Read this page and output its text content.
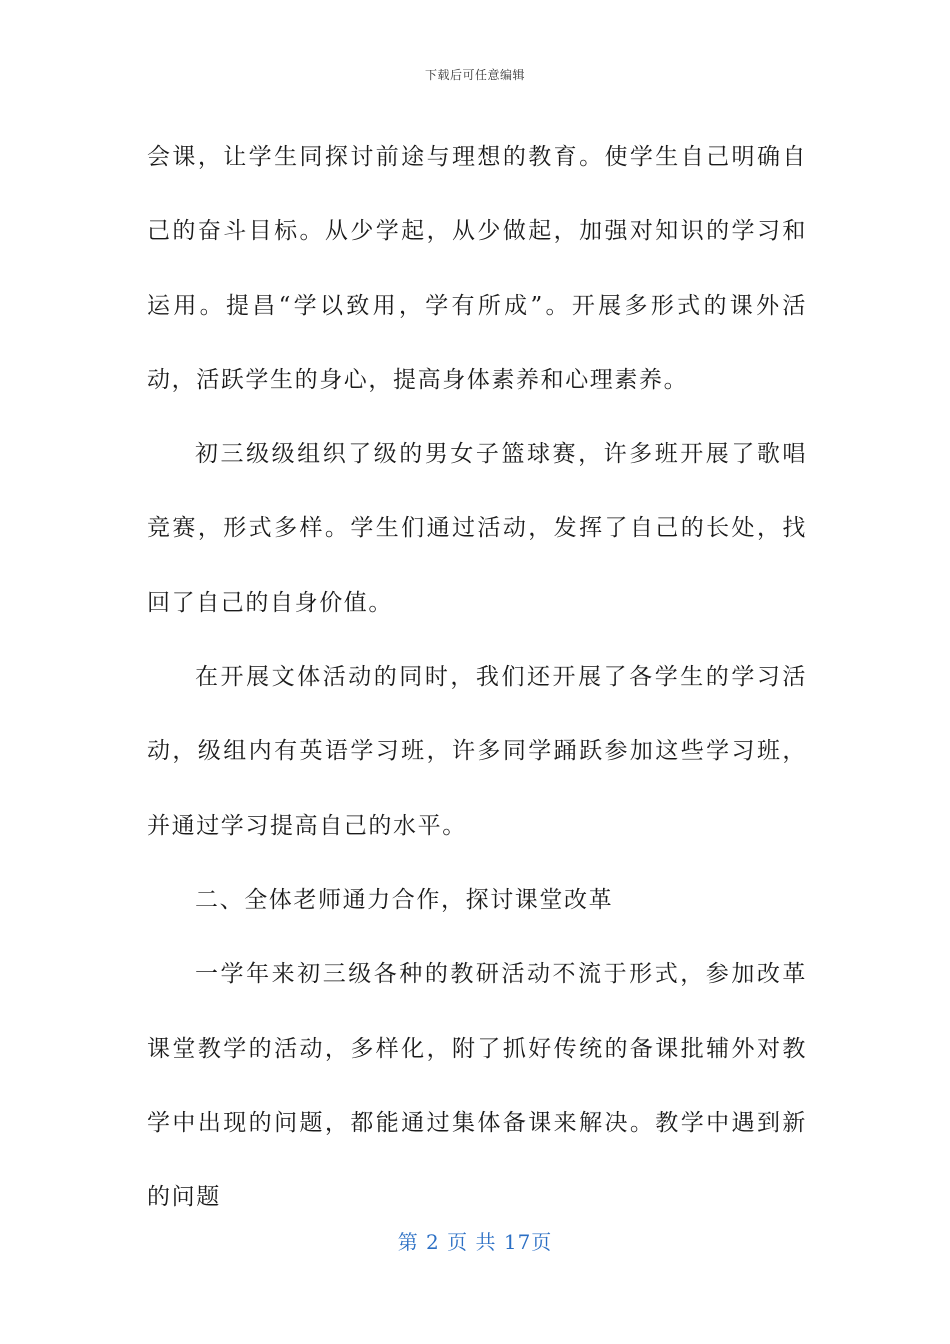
下载后可任意编辑

会课，让学生同探讨前途与理想的教育。使学生自己明确自己的奋斗目标。从少学起，从少做起，加强对知识的学习和运用。提昌“学以致用，学有所成”。开展多形式的课外活动，活跃学生的身心，提高身体素养和心理素养。

初三级级组织了级的男女子篮球赛，许多班开展了歌唱竞赛，形式多样。学生们通过活动，发挥了自己的长处，找回了自己的自身价值。

在开展文体活动的同时，我们还开展了各学生的学习活动，级组内有英语学习班，许多同学踊跃参加这些学习班，并通过学习提高自己的水平。

二、全体老师通力合作，探讨课堂改革

一学年来初三级各种的教研活动不流于形式，参加改革课堂教学的活动，多样化，附了抓好传统的备课批辅外对教学中出现的问题，都能通过集体备课来解决。教学中遇到新的问题

第 2 页 共 17页
